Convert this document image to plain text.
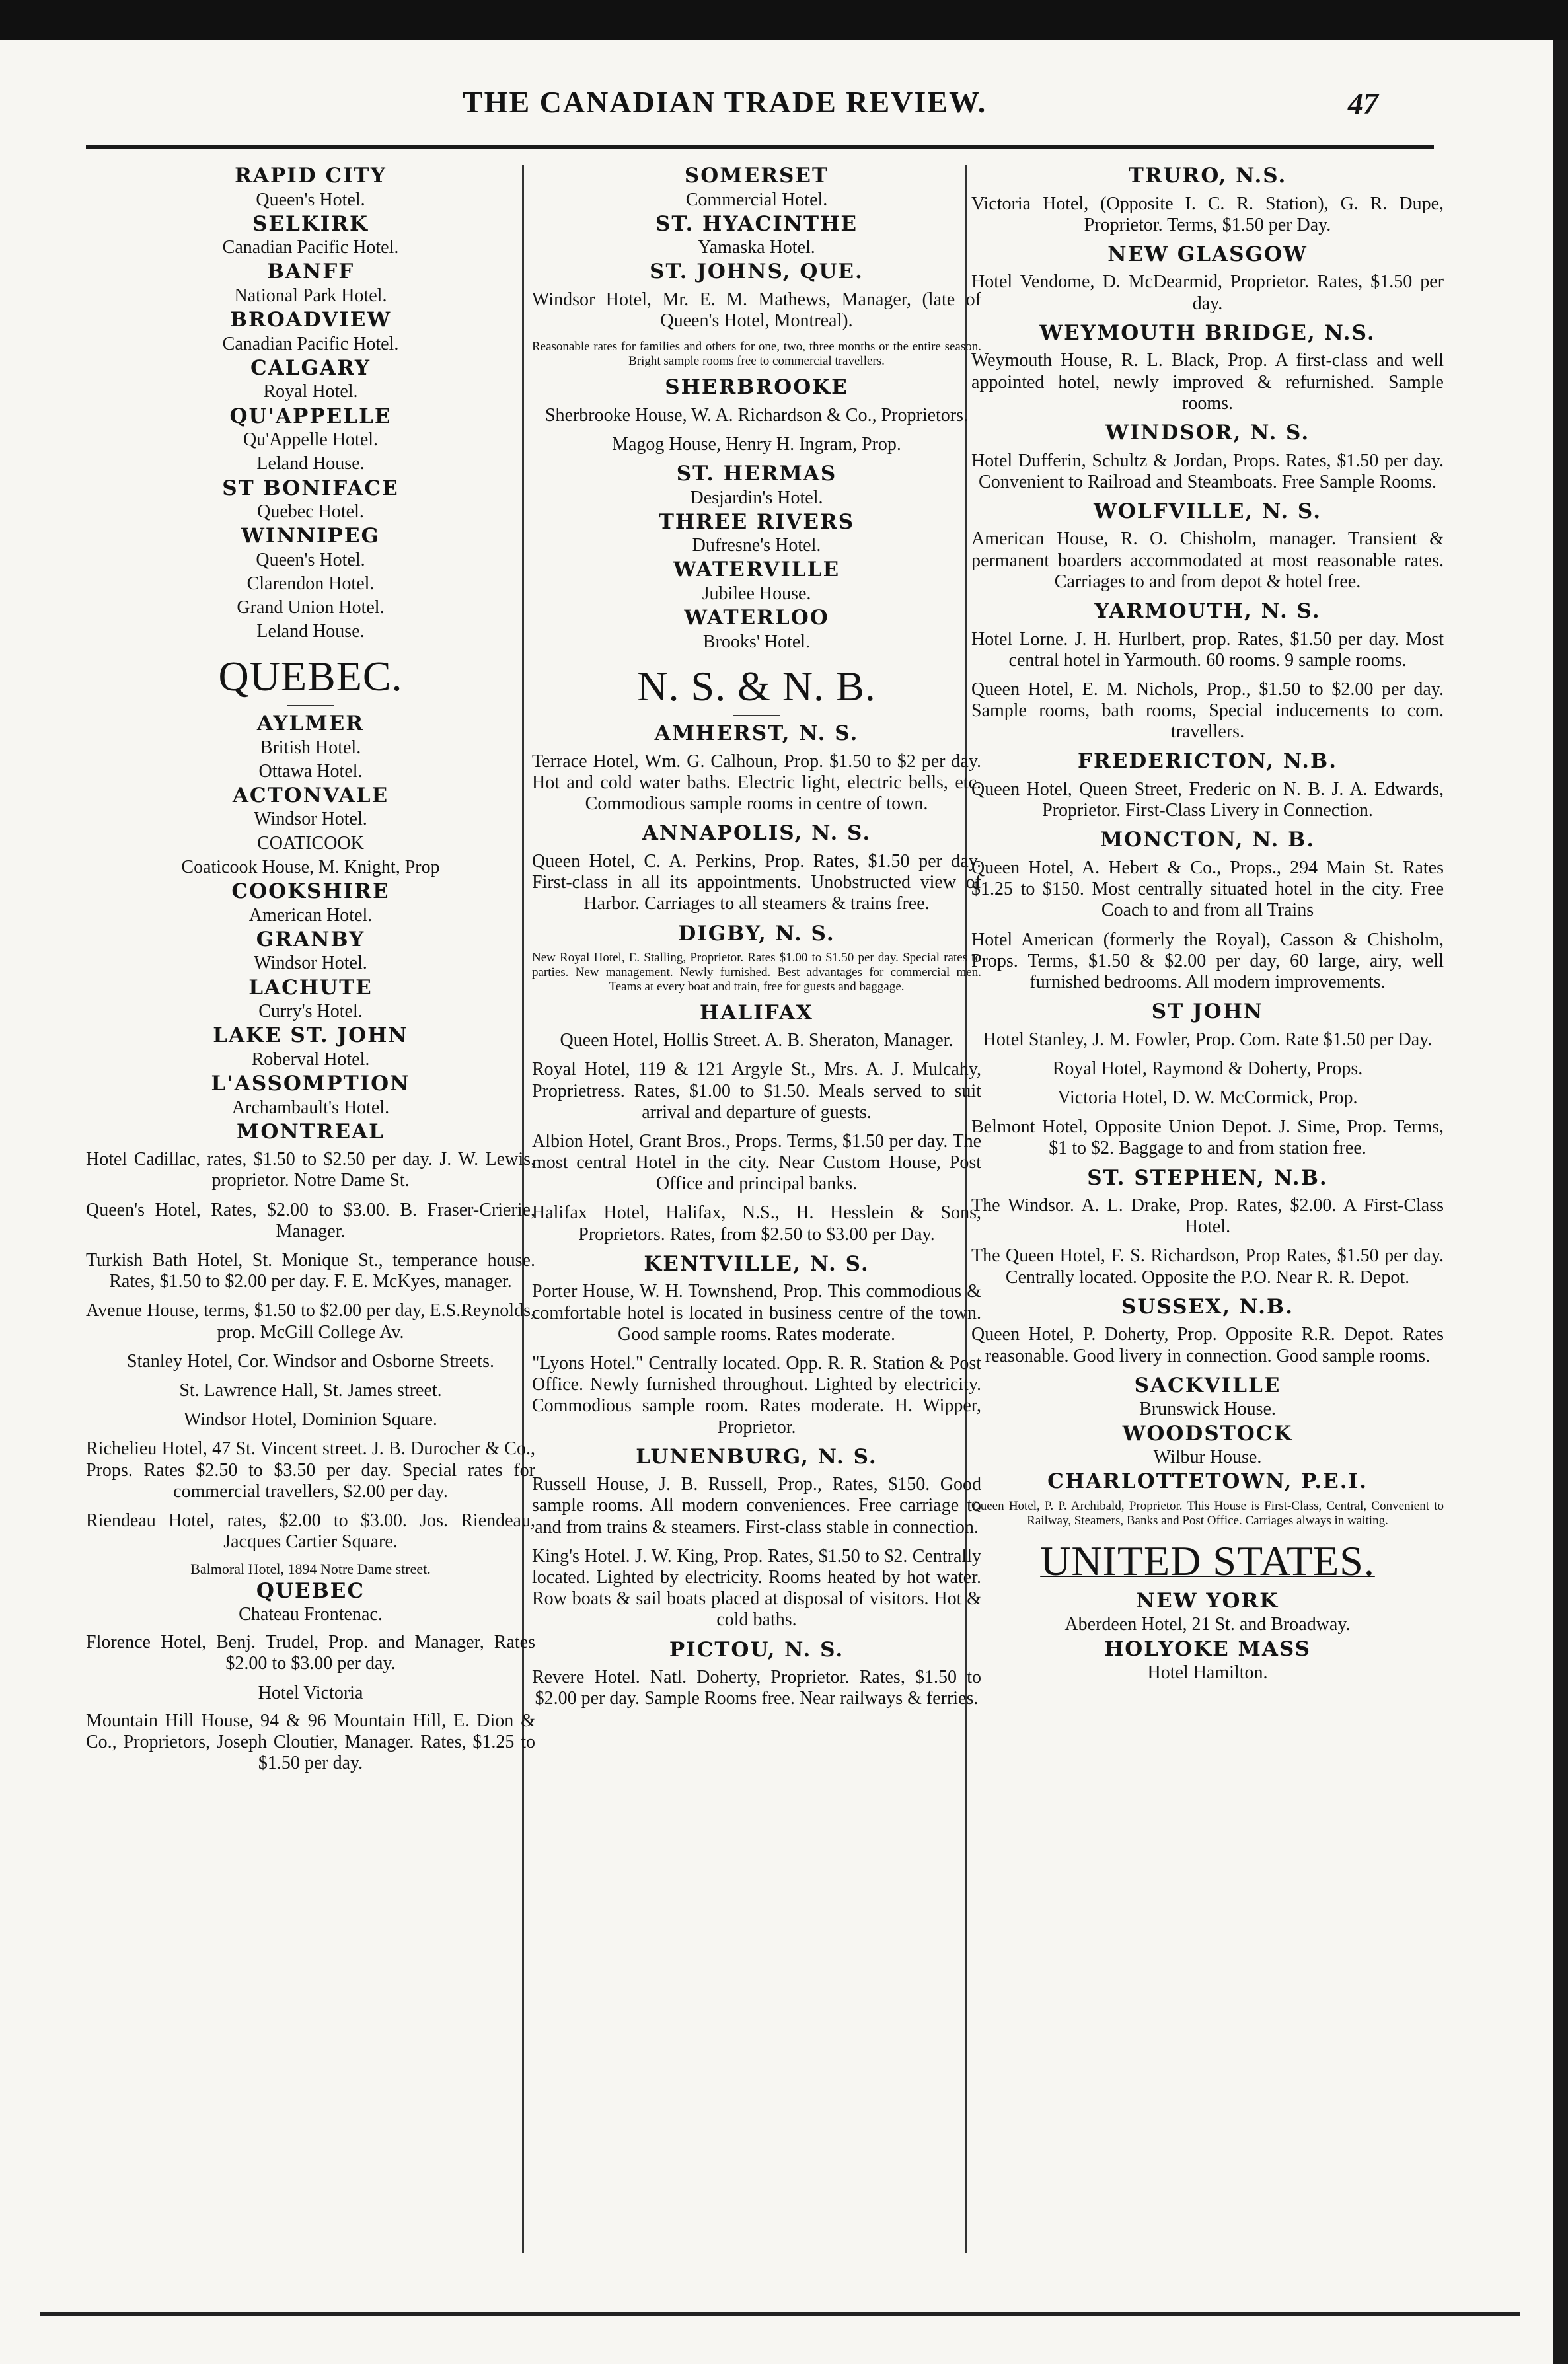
THE CANADIAN TRADE REVIEW.	47
RAPID CITY
Queen's Hotel.
SELKIRK
Canadian Pacific Hotel.
BANFF
National Park Hotel.
BROADVIEW
Canadian Pacific Hotel.
CALGARY
Royal Hotel.
QU'APPELLE
Qu'Appelle Hotel.
Leland House.
ST BONIFACE
Quebec Hotel.
WINNIPEG
Queen's Hotel.
Clarendon Hotel.
Grand Union Hotel.
Leland House.
QUEBEC.
AYLMER
British Hotel.
Ottawa Hotel.
ACTONVALE
Windsor Hotel.
COATICOOK
Coaticook House, M. Knight, Prop
COOKSHIRE
American Hotel.
GRANBY
Windsor Hotel.
LACHUTE
Curry's Hotel.
LAKE ST. JOHN
Roberval Hotel.
L'ASSOMPTION
Archambault's Hotel.
MONTREAL
Hotel Cadillac, rates, $1.50 to $2.50 per day. J. W. Lewis, proprietor. Notre Dame St.
Queen's Hotel, Rates, $2.00 to $3.00. B. Fraser-Crierie, Manager.
Turkish Bath Hotel, St. Monique St., temperance house. Rates, $1.50 to $2.00 per day. F. E. McKyes, manager.
Avenue House, terms, $1.50 to $2.00 per day, E.S.Reynolds, prop. McGill College Av.
Stanley Hotel, Cor. Windsor and Osborne Streets.
St. Lawrence Hall, St. James street.
Windsor Hotel, Dominion Square.
Richelieu Hotel, 47 St. Vincent street. J. B. Durocher & Co., Props. Rates $2.50 to $3.50 per day. Special rates for commercial travellers, $2.00 per day.
Riendeau Hotel, rates, $2.00 to $3.00. Jos. Riendeau, Jacques Cartier Square.
Balmoral Hotel, 1894 Notre Dame street.
QUEBEC
Chateau Frontenac.
Florence Hotel, Benj. Trudel, Prop. and Manager, Rates $2.00 to $3.00 per day.
Hotel Victoria
Mountain Hill House, 94 & 96 Mountain Hill, E. Dion & Co., Proprietors, Joseph Cloutier, Manager. Rates, $1.25 to $1.50 per day.
SOMERSET
Commercial Hotel.
ST. HYACINTHE
Yamaska Hotel.
ST. JOHNS, QUE.
Windsor Hotel, Mr. E. M. Mathews, Manager, (late of Queen's Hotel, Montreal).
Reasonable rates for families and others for one, two, three months or the entire season. Bright sample rooms free to commercial travellers.
SHERBROOKE
Sherbrooke House, W. A. Richardson & Co., Proprietors.
Magog House, Henry H. Ingram, Prop.
ST. HERMAS
Desjardin's Hotel.
THREE RIVERS
Dufresne's Hotel.
WATERVILLE
Jubilee House.
WATERLOO
Brooks' Hotel.
N. S. & N. B.
AMHERST, N. S.
Terrace Hotel, Wm. G. Calhoun, Prop. $1.50 to $2 per day. Hot and cold water baths. Electric light, electric bells, etc. Commodious sample rooms in centre of town.
ANNAPOLIS, N. S.
Queen Hotel, C. A. Perkins, Prop. Rates, $1.50 per day. First-class in all its appointments. Unobstructed view of Harbor. Carriages to all steamers & trains free.
DIGBY, N. S.
New Royal Hotel, E. Stalling, Proprietor. Rates $1.00 to $1.50 per day. Special rates to parties. New management. Newly furnished. Best advantages for commercial men. Teams at every boat and train, free for guests and baggage.
HALIFAX
Queen Hotel, Hollis Street. A. B. Sheraton, Manager.
Royal Hotel, 119 & 121 Argyle St., Mrs. A. J. Mulcahy, Proprietress. Rates, $1.00 to $1.50. Meals served to suit arrival and departure of guests.
Albion Hotel, Grant Bros., Props. Terms, $1.50 per day. The most central Hotel in the city. Near Custom House, Post Office and principal banks.
Halifax Hotel, Halifax, N.S., H. Hesslein & Sons, Proprietors. Rates, from $2.50 to $3.00 per Day.
KENTVILLE, N. S.
Porter House, W. H. Townshend, Prop. This commodious & comfortable hotel is located in business centre of the town. Good sample rooms. Rates moderate.
"Lyons Hotel." Centrally located. Opp. R. R. Station & Post Office. Newly furnished throughout. Lighted by electricity. Commodious sample room. Rates moderate. H. Wipper, Proprietor.
LUNENBURG, N. S.
Russell House, J. B. Russell, Prop., Rates, $150. Good sample rooms. All modern conveniences. Free carriage to and from trains & steamers. First-class stable in connection.
King's Hotel. J. W. King, Prop. Rates, $1.50 to $2. Centrally located. Lighted by electricity. Rooms heated by hot water. Row boats & sail boats placed at disposal of visitors. Hot & cold baths.
PICTOU, N. S.
Revere Hotel. Natl. Doherty, Proprietor. Rates, $1.50 to $2.00 per day. Sample Rooms free. Near railways & ferries.
TRURO, N.S.
Victoria Hotel, (Opposite I. C. R. Station), G. R. Dupe, Proprietor. Terms, $1.50 per Day.
NEW GLASGOW
Hotel Vendome, D. McDearmid, Proprietor. Rates, $1.50 per day.
WEYMOUTH BRIDGE, N.S.
Weymouth House, R. L. Black, Prop. A first-class and well appointed hotel, newly improved & refurnished. Sample rooms.
WINDSOR, N. S.
Hotel Dufferin, Schultz & Jordan, Props. Rates, $1.50 per day. Convenient to Railroad and Steamboats. Free Sample Rooms.
WOLFVILLE, N. S.
American House, R. O. Chisholm, manager. Transient & permanent boarders accommodated at most reasonable rates. Carriages to and from depot & hotel free.
YARMOUTH, N. S.
Hotel Lorne. J. H. Hurlbert, prop. Rates, $1.50 per day. Most central hotel in Yarmouth. 60 rooms. 9 sample rooms.
Queen Hotel, E. M. Nichols, Prop., $1.50 to $2.00 per day. Sample rooms, bath rooms, Special inducements to com. travellers.
FREDERICTON, N.B.
Queen Hotel, Queen Street, Frederic on N. B. J. A. Edwards, Proprietor. First-Class Livery in Connection.
MONCTON, N. B.
Queen Hotel, A. Hebert & Co., Props., 294 Main St. Rates $1.25 to $150. Most centrally situated hotel in the city. Free Coach to and from all Trains
Hotel American (formerly the Royal), Casson & Chisholm, Props. Terms, $1.50 & $2.00 per day, 60 large, airy, well furnished bedrooms. All modern improvements.
ST JOHN
Hotel Stanley, J. M. Fowler, Prop. Com. Rate $1.50 per Day.
Royal Hotel, Raymond & Doherty, Props.
Victoria Hotel, D. W. McCormick, Prop.
Belmont Hotel, Opposite Union Depot. J. Sime, Prop. Terms, $1 to $2. Baggage to and from station free.
ST. STEPHEN, N.B.
The Windsor. A. L. Drake, Prop. Rates, $2.00. A First-Class Hotel.
The Queen Hotel, F. S. Richardson, Prop Rates, $1.50 per day. Centrally located. Opposite the P.O. Near R. R. Depot.
SUSSEX, N.B.
Queen Hotel, P. Doherty, Prop. Opposite R.R. Depot. Rates reasonable. Good livery in connection. Good sample rooms.
SACKVILLE
Brunswick House.
WOODSTOCK
Wilbur House.
CHARLOTTETOWN, P.E.I.
Queen Hotel, P. P. Archibald, Proprietor. This House is First-Class, Central, Convenient to Railway, Steamers, Banks and Post Office. Carriages always in waiting.
UNITED STATES.
NEW YORK
Aberdeen Hotel, 21 St. and Broadway.
HOLYOKE MASS
Hotel Hamilton.
